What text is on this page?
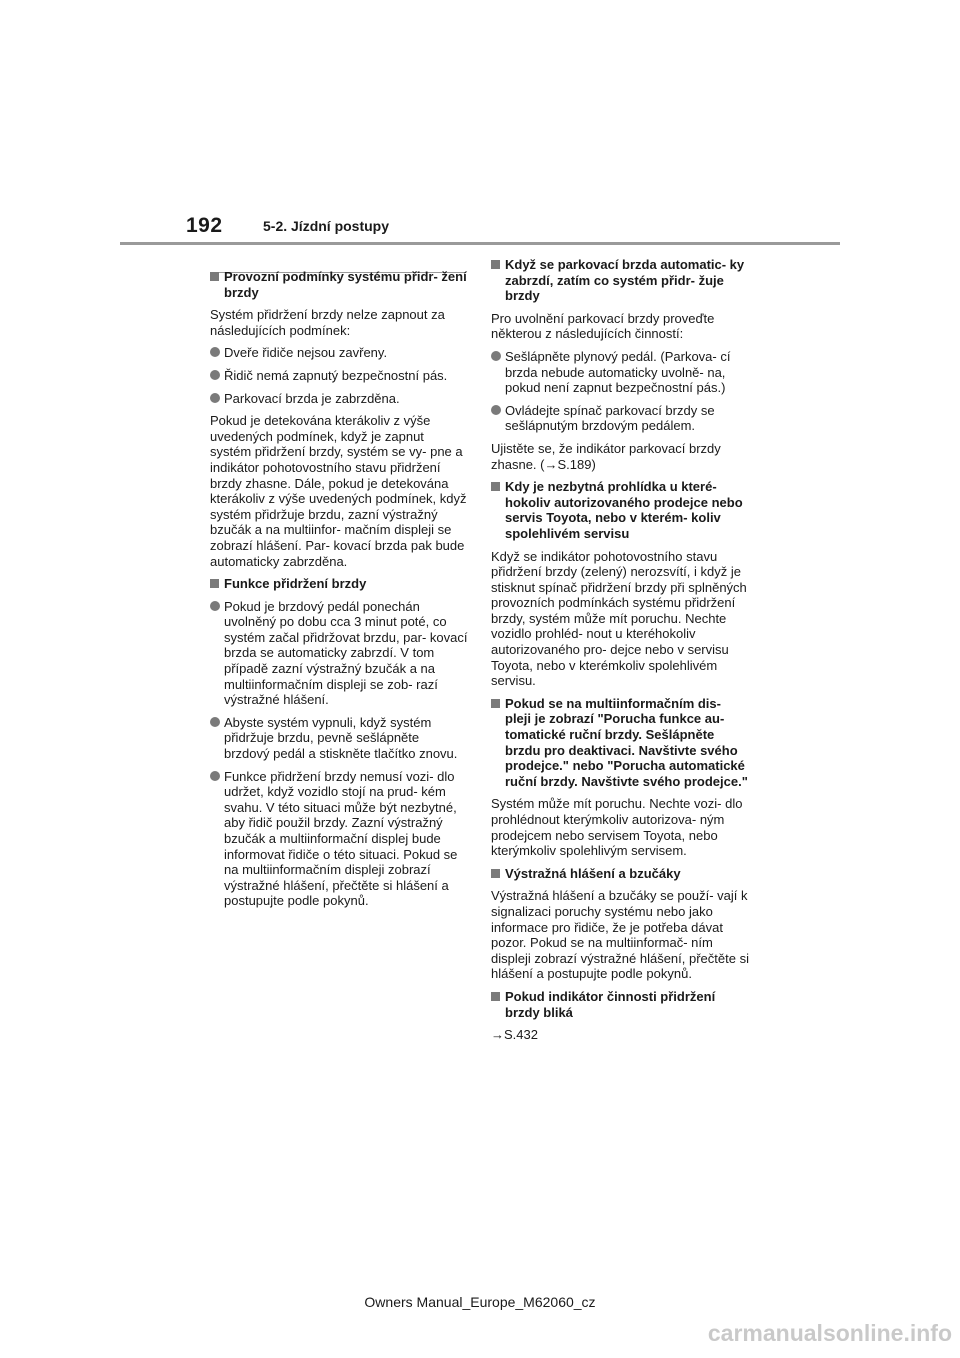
192	5-2. Jízdní postupy
Provozní podmínky systému přidr- žení brzdy
Systém přidržení brzdy nelze zapnout za následujících podmínek:
Dveře řidiče nejsou zavřeny.
Řidič nemá zapnutý bezpečnostní pás.
Parkovací brzda je zabrzděna.
Pokud je detekována kterákoliv z výše uvedených podmínek, když je zapnut systém přidržení brzdy, systém se vy- pne a indikátor pohotovostního stavu přidržení brzdy zhasne. Dále, pokud je detekována kterákoliv z výše uvedených podmínek, když systém přidržuje brzdu, zazní výstražný bzučák a na multiinfor- mačním displeji se zobrazí hlášení. Par- kovací brzda pak bude automaticky zabrzděna.
Funkce přidržení brzdy
Pokud je brzdový pedál ponechán uvolněný po dobu cca 3 minut poté, co systém začal přidržovat brzdu, par- kovací brzda se automaticky zabrzdí. V tom případě zazní výstražný bzučák a na multiinformačním displeji se zob- razí výstražné hlášení.
Abyste systém vypnuli, když systém přidržuje brzdu, pevně sešlápněte brzdový pedál a stiskněte tlačítko znovu.
Funkce přidržení brzdy nemusí vozi- dlo udržet, když vozidlo stojí na prud- kém svahu. V této situaci může být nezbytné, aby řidič použil brzdy. Zazní výstražný bzučák a multiinformační displej bude informovat řidiče o této situaci. Pokud se na multiinformačním displeji zobrazí výstražné hlášení, přečtěte si hlášení a postupujte podle pokynů.
Když se parkovací brzda automatic- ky zabrzdí, zatím co systém přidr- žuje brzdy
Pro uvolnění parkovací brzdy proveďte některou z následujících činností:
Sešlápněte plynový pedál. (Parkova- cí brzda nebude automaticky uvolně- na, pokud není zapnut bezpečnostní pás.)
Ovládejte spínač parkovací brzdy se sešlápnutým brzdovým pedálem.
Ujistěte se, že indikátor parkovací brzdy zhasne. (→S.189)
Kdy je nezbytná prohlídka u které- hokoliv autorizovaného prodejce nebo servis Toyota, nebo v kterém- koliv spolehlivém servisu
Když se indikátor pohotovostního stavu přidržení brzdy (zelený) nerozsvítí, i když je stisknut spínač přidržení brzdy při splněných provozních podmínkách systému přidržení brzdy, systém může mít poruchu. Nechte vozidlo prohléd- nout u kteréhokoliv autorizovaného pro- dejce nebo v servisu Toyota, nebo v kterémkoliv spolehlivém servisu.
Pokud se na multiinformačním dis- pleji je zobrazí "Porucha funkce au- tomatické ruční brzdy. Sešlápněte brzdu pro deaktivaci. Navštivte svého prodejce." nebo "Porucha automatické ruční brzdy. Navštivte svého prodejce."
Systém může mít poruchu. Nechte vozi- dlo prohlédnout kterýmkoliv autorizova- ným prodejcem nebo servisem Toyota, nebo kterýmkoliv spolehlivým servisem.
Výstražná hlášení a bzučáky
Výstražná hlášení a bzučáky se použí- vají k signalizaci poruchy systému nebo jako informace pro řidiče, že je potřeba dávat pozor. Pokud se na multiinformač- ním displeji zobrazí výstražné hlášení, přečtěte si hlášení a postupujte podle pokynů.
Pokud indikátor činnosti přidržení brzdy bliká
→S.432
Owners Manual_Europe_M62060_cz
carmanualsonline.info
